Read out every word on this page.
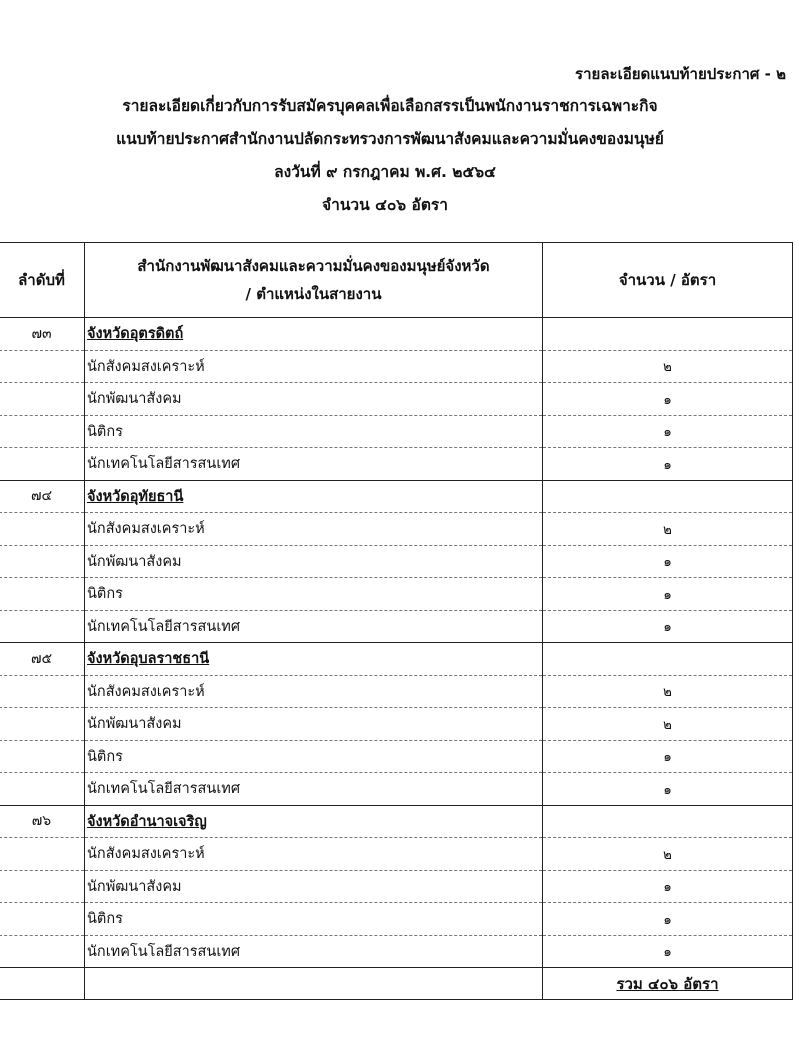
รายละเอียดแนบท้ายประกาศ - ๒
รายละเอียดเกี่ยวกับการรับสมัครบุคคลเพื่อเลือกสรรเป็นพนักงานราชการเฉพาะกิจ
แนบท้ายประกาศสำนักงานปลัดกระทรวงการพัฒนาสังคมและความมั่นคงของมนุษย์
ลงวันที่ ๙ กรกฎาคม พ.ศ. ๒๕๖๔
จำนวน ๔๐๖ อัตรา
ลำดับที่	สำนักงานพัฒนาสังคมและความมั่นคงของมนุษย์จังหวัด
/ ตำแหน่งในสายงาน	จำนวน / อัตรา
๗๓	จังหวัดอุตรดิตถ์	
	นักสังคมสงเคราะห์	๒
	นักพัฒนาสังคม	๑
	นิติกร	๑
	นักเทคโนโลยีสารสนเทศ	๑
๗๔	จังหวัดอุทัยธานี	
	นักสังคมสงเคราะห์	๒
	นักพัฒนาสังคม	๑
	นิติกร	๑
	นักเทคโนโลยีสารสนเทศ	๑
๗๕	จังหวัดอุบลราชธานี	
	นักสังคมสงเคราะห์	๒
	นักพัฒนาสังคม	๒
	นิติกร	๑
	นักเทคโนโลยีสารสนเทศ	๑
๗๖	จังหวัดอำนาจเจริญ	
	นักสังคมสงเคราะห์	๒
	นักพัฒนาสังคม	๑
	นิติกร	๑
	นักเทคโนโลยีสารสนเทศ	๑
		รวม ๔๐๖ อัตรา
